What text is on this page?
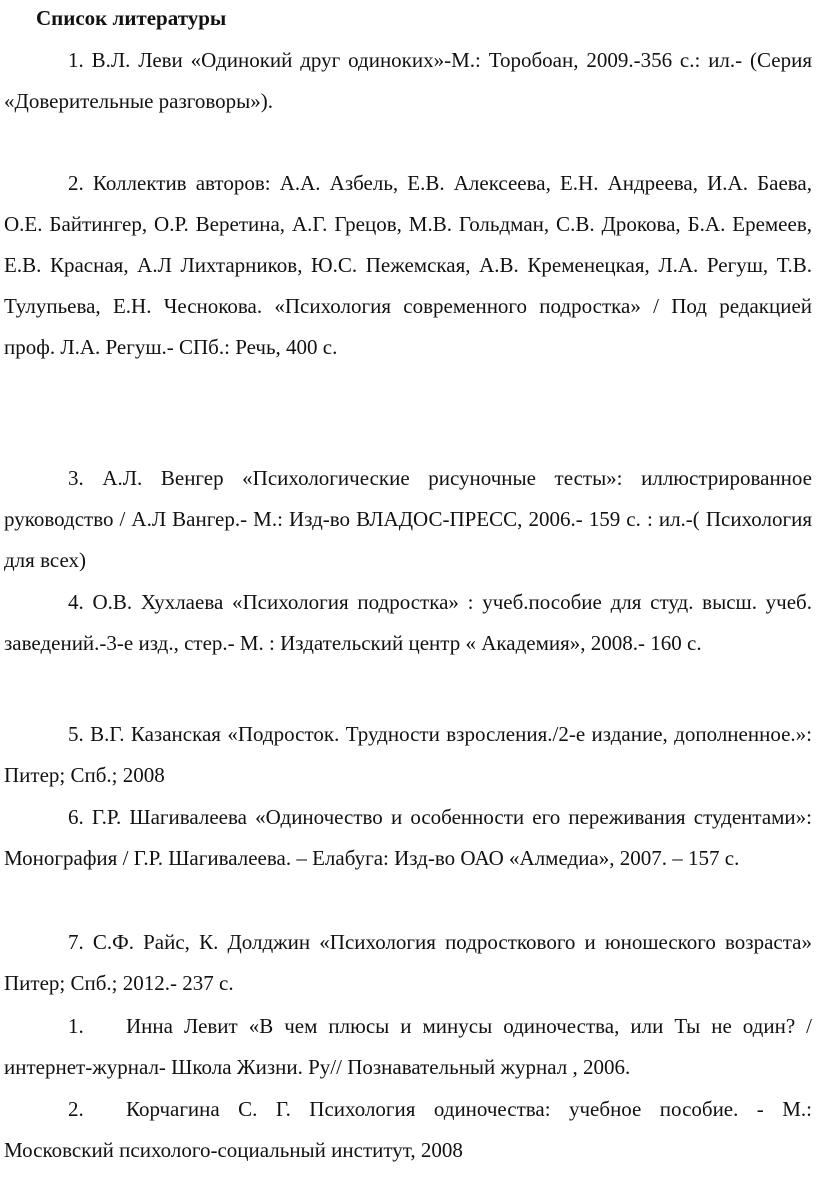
Список литературы

1. В.Л. Леви «Одинокий друг одиноких»-М.: Торобоан, 2009.-356 с.: ил.- (Серия «Доверительные разговоры»).

2. Коллектив авторов: А.А. Азбель, Е.В. Алексеева, Е.Н. Андреева, И.А. Баева, О.Е. Байтингер, О.Р. Веретина, А.Г. Грецов, М.В. Гольдман, С.В. Дрокова, Б.А. Еремеев, Е.В. Красная, А.Л Лихтарников, Ю.С. Пежемская, А.В. Кременецкая, Л.А. Регуш, Т.В. Тулупьева, Е.Н. Чеснокова. «Психология современного подростка» / Под редакцией проф. Л.А. Регуш.- СПб.: Речь, 400 с.

3. А.Л. Венгер «Психологические рисуночные тесты»: иллюстрированное руководство / А.Л Вангер.- М.: Изд-во ВЛАДОС-ПРЕСС, 2006.- 159 с. : ил.-( Психология для всех)

4. О.В. Хухлаева «Психология подростка» : учеб.пособие для студ. высш. учеб. заведений.-3-е изд., стер.- М. : Издательский центр « Академия», 2008.- 160 с.

5. В.Г. Казанская «Подросток. Трудности взросления./2-е издание, дополненное.»: Питер; Спб.; 2008

6. Г.Р. Шагивалеева «Одиночество и особенности его переживания студентами»: Монография / Г.Р. Шагивалеева. – Елабуга: Изд-во ОАО «Алмедиа», 2007. – 157 с.

7. С.Ф. Райс, К. Долджин «Психология подросткового и юношеского возраста» Питер; Спб.; 2012.- 237 с.

1. Инна Левит «В чем плюсы и минусы одиночества, или Ты не один? / интернет-журнал- Школа Жизни. Ру// Познавательный журнал , 2006.

2. Корчагина С. Г. Психология одиночества: учебное пособие. - М.: Московский психолого-социальный институт, 2008
